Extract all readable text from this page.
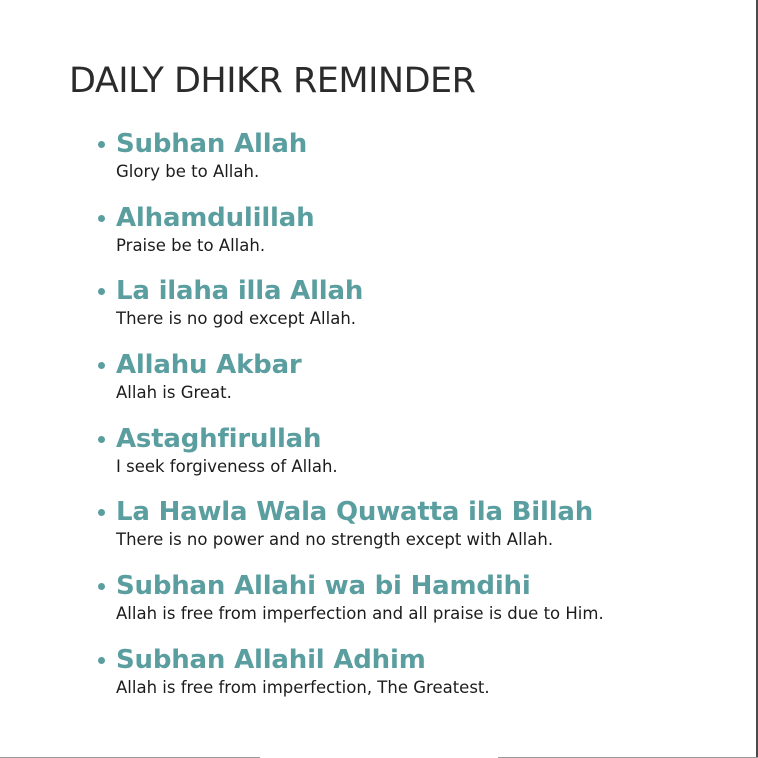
DAILY DHIKR REMINDER
Subhan Allah
Glory be to Allah.
Alhamdulillah
Praise be to Allah.
La ilaha illa Allah
There is no god except Allah.
Allahu Akbar
Allah is Great.
Astaghfirullah
I seek forgiveness of Allah.
La Hawla Wala Quwatta ila Billah
There is no power and no strength except with Allah.
Subhan Allahi wa bi Hamdihi
Allah is free from imperfection and all praise is due to Him.
Subhan Allahil Adhim
Allah is free from imperfection, The Greatest.
